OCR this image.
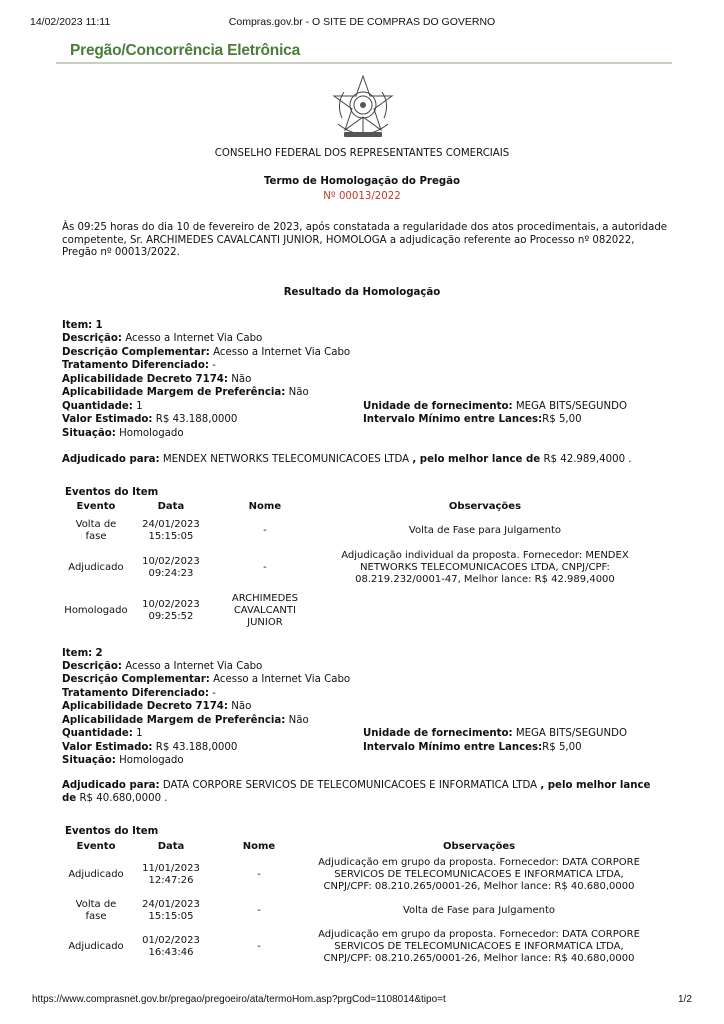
14/02/2023 11:11	Compras.gov.br - O SITE DE COMPRAS DO GOVERNO
Pregão/Concorrência Eletrônica
CONSELHO FEDERAL DOS REPRESENTANTES COMERCIAIS
Termo de Homologação do Pregão
Nº 00013/2022
Às 09:25 horas do dia 10 de fevereiro de 2023, após constatada a regularidade dos atos procedimentais, a autoridade competente, Sr. ARCHIMEDES CAVALCANTI JUNIOR, HOMOLOGA a adjudicação referente ao Processo nº 082022, Pregão nº 00013/2022.
Resultado da Homologação
Item: 1
Descrição: Acesso a Internet Via Cabo
Descrição Complementar: Acesso a Internet Via Cabo
Tratamento Diferenciado: -
Aplicabilidade Decreto 7174: Não
Aplicabilidade Margem de Preferência: Não
Quantidade: 1
Valor Estimado: R$ 43.188,0000
Situação: Homologado
Unidade de fornecimento: MEGA BITS/SEGUNDO
Intervalo Mínimo entre Lances:R$ 5,00
Adjudicado para: MENDEX NETWORKS TELECOMUNICACOES LTDA , pelo melhor lance de R$ 42.989,4000 .
Eventos do Item
Evento	Data	Nome	Observações
Volta de fase	24/01/2023 15:15:05	-	Volta de Fase para Julgamento
Adjudicado	10/02/2023 09:24:23	-	Adjudicação individual da proposta. Fornecedor: MENDEX NETWORKS TELECOMUNICACOES LTDA, CNPJ/CPF: 08.219.232/0001-47, Melhor lance: R$ 42.989,4000
Homologado	10/02/2023 09:25:52	ARCHIMEDES CAVALCANTI JUNIOR	
Item: 2
Descrição: Acesso a Internet Via Cabo
Descrição Complementar: Acesso a Internet Via Cabo
Tratamento Diferenciado: -
Aplicabilidade Decreto 7174: Não
Aplicabilidade Margem de Preferência: Não
Quantidade: 1
Valor Estimado: R$ 43.188,0000
Situação: Homologado
Unidade de fornecimento: MEGA BITS/SEGUNDO
Intervalo Mínimo entre Lances:R$ 5,00
Adjudicado para: DATA CORPORE SERVICOS DE TELECOMUNICACOES E INFORMATICA LTDA , pelo melhor lance
de R$ 40.680,0000 .
Eventos do Item
Evento	Data	Nome	Observações
Adjudicado	11/01/2023 12:47:26	-	Adjudicação em grupo da proposta. Fornecedor: DATA CORPORE SERVICOS DE TELECOMUNICACOES E INFORMATICA LTDA, CNPJ/CPF: 08.210.265/0001-26, Melhor lance: R$ 40.680,0000
Volta de fase	24/01/2023 15:15:05	-	Volta de Fase para Julgamento
Adjudicado	01/02/2023 16:43:46	-	Adjudicação em grupo da proposta. Fornecedor: DATA CORPORE SERVICOS DE TELECOMUNICACOES E INFORMATICA LTDA, CNPJ/CPF: 08.210.265/0001-26, Melhor lance: R$ 40.680,0000
https://www.comprasnet.gov.br/pregao/pregoeiro/ata/termoHom.asp?prgCod=1108014&tipo=t	1/2
